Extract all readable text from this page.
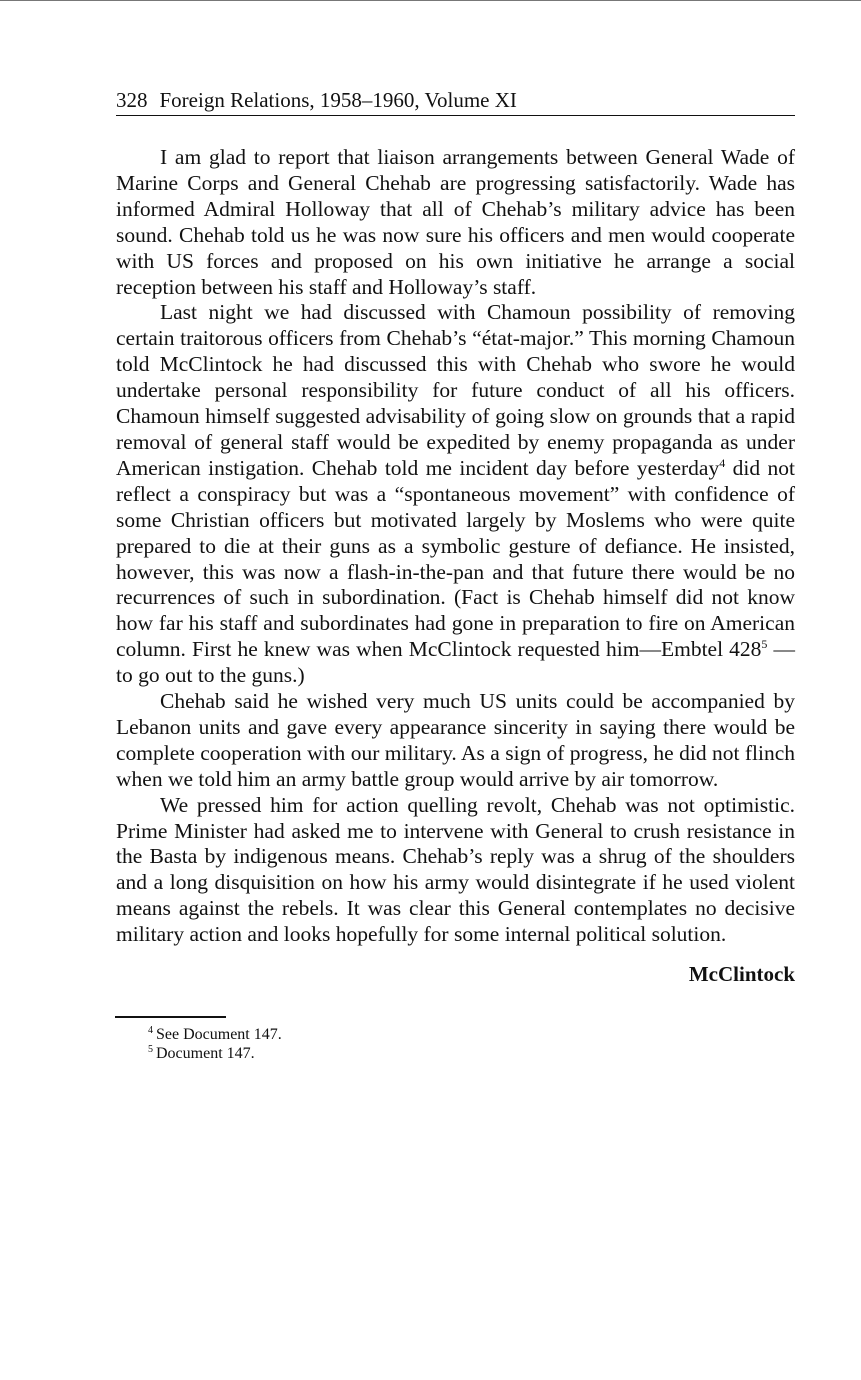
328 Foreign Relations, 1958–1960, Volume XI

I am glad to report that liaison arrangements between General Wade of Marine Corps and General Chehab are progressing satisfactorily. Wade has informed Admiral Holloway that all of Chehab’s military advice has been sound. Chehab told us he was now sure his officers and men would cooperate with US forces and proposed on his own initiative he arrange a social reception between his staff and Holloway’s staff.

Last night we had discussed with Chamoun possibility of removing certain traitorous officers from Chehab’s “état-major.” This morning Chamoun told McClintock he had discussed this with Chehab who swore he would undertake personal responsibility for future conduct of all his officers. Chamoun himself suggested advisability of going slow on grounds that a rapid removal of general staff would be expedited by enemy propaganda as under American instigation. Chehab told me incident day before yesterday$^4$ did not reflect a conspiracy but was a “spontaneous movement” with confidence of some Christian officers but motivated largely by Moslems who were quite prepared to die at their guns as a symbolic gesture of defiance. He insisted, however, this was now a flash-in-the-pan and that future there would be no recurrences of such in subordination. (Fact is Chehab himself did not know how far his staff and subordinates had gone in preparation to fire on American column. First he knew was when McClintock requested him—Embtel $428^5$ —to go out to the guns.)

Chehab said he wished very much US units could be accompanied by Lebanon units and gave every appearance sincerity in saying there would be complete cooperation with our military. As a sign of progress, he did not flinch when we told him an army battle group would arrive by air tomorrow.

We pressed him for action quelling revolt, Chehab was not optimistic. Prime Minister had asked me to intervene with General to crush resistance in the Basta by indigenous means. Chehab’s reply was a shrug of the shoulders and a long disquisition on how his army would disintegrate if he used violent means against the rebels. It was clear this General contemplates no decisive military action and looks hopefully for some internal political solution.

McClintock
$^4$ See Document 147.
$^5$ Document 147.
